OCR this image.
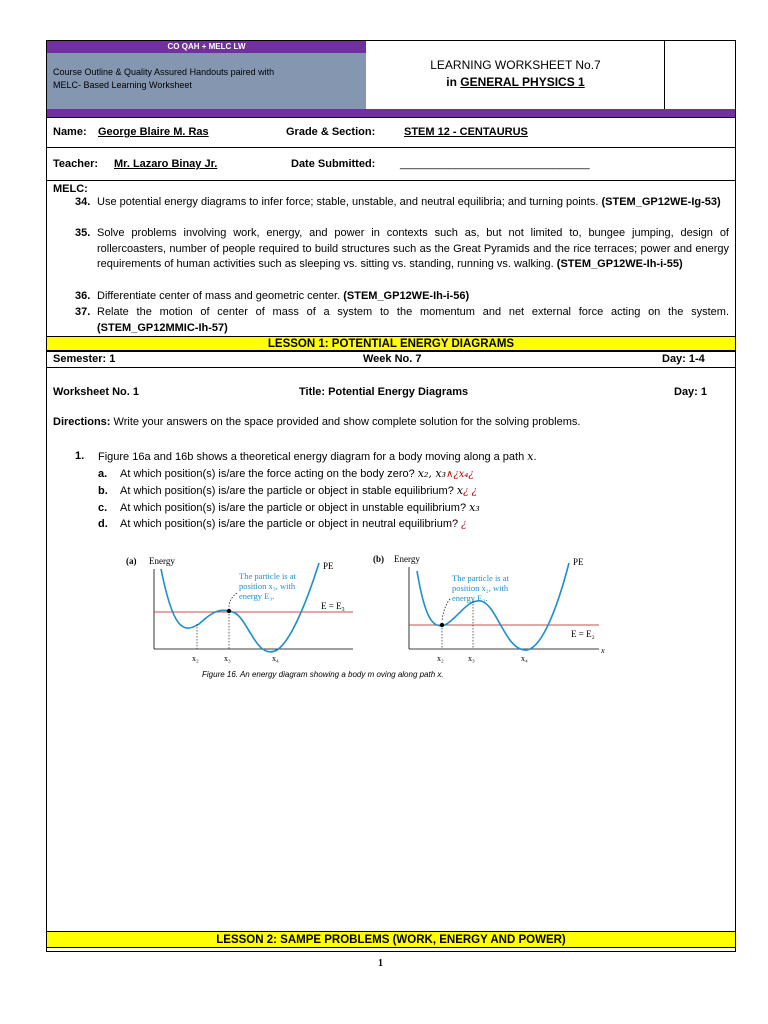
CO QAH + MELC LW
Course Outline & Quality Assured Handouts paired with
MELC- Based Learning Worksheet
LEARNING WORKSHEET No.7
in GENERAL PHYSICS 1
Name: George Blaire M. Ras	Grade & Section:	STEM 12 - CENTAURUS
Teacher: Mr. Lazaro Binay Jr.	Date Submitted: _______________________________
MELC:
34. Use potential energy diagrams to infer force; stable, unstable, and neutral equilibria; and turning points. (STEM_GP12WE-Ig-53)
35. Solve problems involving work, energy, and power in contexts such as, but not limited to, bungee jumping, design of rollercoasters, number of people required to build structures such as the Great Pyramids and the rice terraces; power and energy requirements of human activities such as sleeping vs. sitting vs. standing, running vs. walking. (STEM_GP12WE-Ih-i-55)
36. Differentiate center of mass and geometric center. (STEM_GP12WE-Ih-i-56)
37. Relate the motion of center of mass of a system to the momentum and net external force acting on the system. (STEM_GP12MMIC-Ih-57)
LESSON 1: POTENTIAL ENERGY DIAGRAMS
Semester: 1	Week No. 7	Day: 1-4
Worksheet No. 1	Title: Potential Energy Diagrams	Day: 1
Directions: Write your answers on the space provided and show complete solution for the solving problems.
1. Figure 16a and 16b shows a theoretical energy diagram for a body moving along a path x.
a. At which position(s) is/are the force acting on the body zero? x₂, x₃∧¿x₄¿
b. At which position(s) is/are the particle or object in stable equilibrium? x¿ ¿
c. At which position(s) is/are the particle or object in unstable equilibrium? x₃
d. At which position(s) is/are the particle or object in neutral equilibrium? ¿
(a) Energy
The particle is at
position x₃, with
energy E₃.
PE
E = E₃
x₂	x₃	x₄
(b) Energy
The particle is at
position x₂, with
energy E₂.
PE
E = E₂
x
x₂	x₃	x₄
Figure 16. An energy diagram showing a body m oving along path x.
LESSON 2: SAMPE PROBLEMS (WORK, ENERGY AND POWER)
1
